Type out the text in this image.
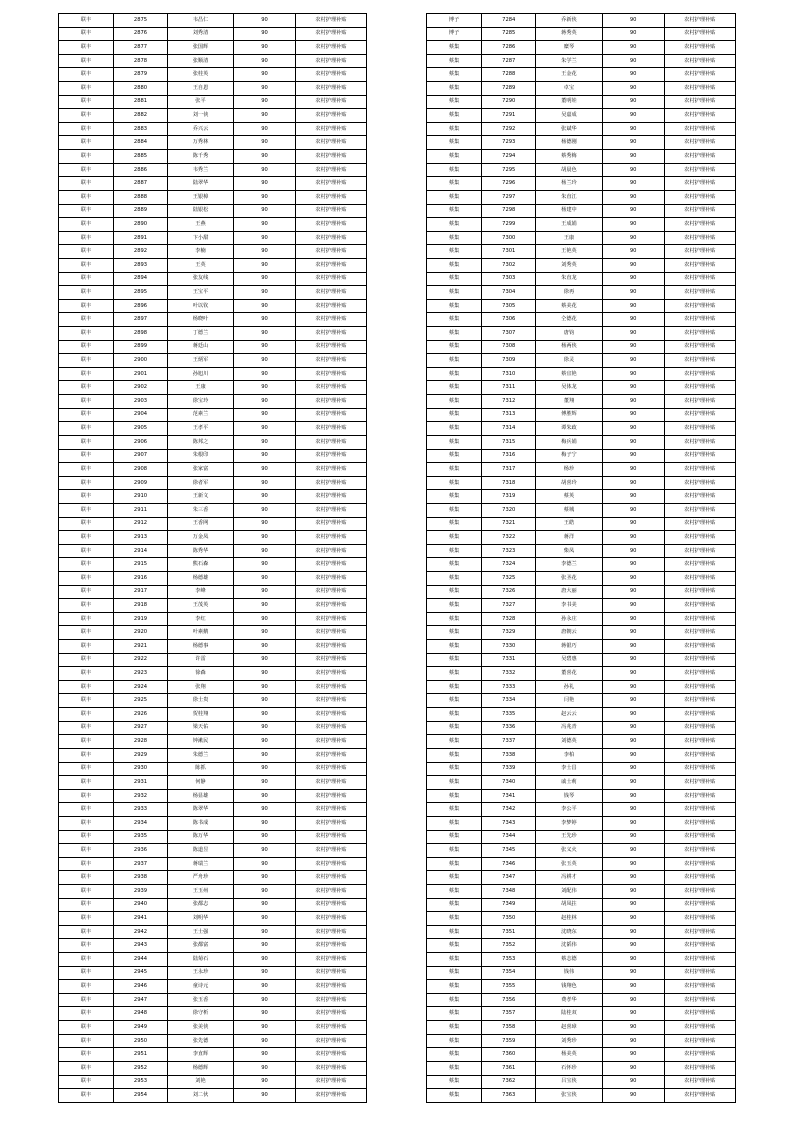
联丰	2875	韦昌仁	90	农村护理补贴
联丰	2876	刘秀清	90	农村护理补贴
联丰	2877	张国辉	90	农村护理补贴
联丰	2878	张顺清	90	农村护理补贴
联丰	2879	张桂英	90	农村护理补贴
联丰	2880	王自恩	90	农村护理补贴
联丰	2881	张平	90	农村护理补贴
联丰	2882	刘一侠	90	农村护理补贴
联丰	2883	乔兴云	90	农村护理补贴
联丰	2884	万秀林	90	农村护理补贴
联丰	2885	陈千秀	90	农村护理补贴
联丰	2886	韦秀兰	90	农村护理补贴
联丰	2887	陆翠华	90	农村护理补贴
联丰	2888	王银樟	90	农村护理补贴
联丰	2889	陆银松	90	农村护理补贴
联丰	2890	王燕	90	农村护理补贴
联丰	2891	卞小甜	90	农村护理补贴
联丰	2892	李楠	90	农村护理补贴
联丰	2893	王英	90	农村护理补贴
联丰	2894	张友线	90	农村护理补贴
联丰	2895	王宝平	90	农村护理补贴
联丰	2896	叶以钦	90	农村护理补贴
联丰	2897	杨晓叶	90	农村护理补贴
联丰	2898	丁德兰	90	农村护理补贴
联丰	2899	蒋廷山	90	农村护理补贴
联丰	2900	王炳军	90	农村护理补贴
联丰	2901	孙旭川	90	农村护理补贴
联丰	2902	王康	90	农村护理补贴
联丰	2903	徐宝玲	90	农村护理补贴
联丰	2904	范素兰	90	农村护理补贴
联丰	2905	王孝平	90	农村护理补贴
联丰	2906	陈邦之	90	农村护理补贴
联丰	2907	朱根印	90	农村护理补贴
联丰	2908	张家富	90	农村护理补贴
联丰	2909	徐者军	90	农村护理补贴
联丰	2910	王新文	90	农村护理补贴
联丰	2911	朱三香	90	农村护理补贴
联丰	2912	王香网	90	农村护理补贴
联丰	2913	万金凤	90	农村护理补贴
联丰	2914	陈秀华	90	农村护理补贴
联丰	2915	熊石森	90	农村护理补贴
联丰	2916	杨德雄	90	农村护理补贴
联丰	2917	李峰	90	农村护理补贴
联丰	2918	王茂英	90	农村护理补贴
联丰	2919	李红	90	农村护理补贴
联丰	2920	叶素鹅	90	农村护理补贴
联丰	2921	杨德事	90	农村护理补贴
联丰	2922	许雷	90	农村护理补贴
联丰	2923	徐森	90	农村护理补贴
联丰	2924	张翔	90	农村护理补贴
联丰	2925	徐士贵	90	农村护理补贴
联丰	2926	贺桂翔	90	农村护理补贴
联丰	2927	梁天佑	90	农村护理补贴
联丰	2928	钟漱民	90	农村护理补贴
联丰	2929	朱德兰	90	农村护理补贴
联丰	2930	陈抓	90	农村护理补贴
联丰	2931	何静	90	农村护理补贴
联丰	2932	杨显雄	90	农村护理补贴
联丰	2933	陈翠华	90	农村护理补贴
联丰	2934	陈书成	90	农村护理补贴
联丰	2935	陈万华	90	农村护理补贴
联丰	2936	陈道昱	90	农村护理补贴
联丰	2937	蒋瑞兰	90	农村护理补贴
联丰	2938	严舟珍	90	农村护理补贴
联丰	2939	王玉州	90	农村护理补贴
联丰	2940	张都志	90	农村护理补贴
联丰	2941	刘明华	90	农村护理补贴
联丰	2942	王士强	90	农村护理补贴
联丰	2943	张都富	90	农村护理补贴
联丰	2944	陆菊石	90	农村护理补贴
联丰	2945	王永珍	90	农村护理补贴
联丰	2946	童诗元	90	农村护理补贴
联丰	2947	张玉香	90	农村护理补贴
联丰	2948	徐守析	90	农村护理补贴
联丰	2949	张美侠	90	农村护理补贴
联丰	2950	张先德	90	农村护理补贴
联丰	2951	李直辉	90	农村护理补贴
联丰	2952	杨德辉	90	农村护理补贴
联丰	2953	刘艳	90	农村护理补贴
联丰	2954	刘二伙	90	农村护理补贴
博子	7284	乔新侠	90	农村护理补贴
博子	7285	蒋秀英	90	农村护理补贴
蔡集	7286	糜琴	90	农村护理补贴
蔡集	7287	朱学兰	90	农村护理补贴
蔡集	7288	王金花	90	农村护理补贴
蔡集	7289	卓宝	90	农村护理补贴
蔡集	7290	董明娃	90	农村护理补贴
蔡集	7291	吴嘉成	90	农村护理补贴
蔡集	7292	张斌华	90	农村护理补贴
蔡集	7293	杨德刚	90	农村护理补贴
蔡集	7294	蔡秀梅	90	农村护理补贴
蔡集	7295	胡晨色	90	农村护理补贴
蔡集	7296	杨兰玲	90	农村护理补贴
蔡集	7297	朱直江	90	农村护理补贴
蔡集	7298	杨建中	90	农村护理补贴
蔡集	7299	王成娟	90	农村护理补贴
蔡集	7300	王康	90	农村护理补贴
蔡集	7301	王艳英	90	农村护理补贴
蔡集	7302	刘秀英	90	农村护理补贴
蔡集	7303	朱直龙	90	农村护理补贴
蔡集	7304	徐再	90	农村护理补贴
蔡集	7305	蔡美花	90	农村护理补贴
蔡集	7306	仝德花	90	农村护理补贴
蔡集	7307	唐钧	90	农村护理补贴
蔡集	7308	杨两侠	90	农村护理补贴
蔡集	7309	徐灵	90	农村护理补贴
蔡集	7310	蔡宜艳	90	农村护理补贴
蔡集	7311	吴体龙	90	农村护理补贴
蔡集	7312	董翔	90	农村护理补贴
蔡集	7313	傅胜辉	90	农村护理补贴
蔡集	7314	谭朱政	90	农村护理补贴
蔡集	7315	梅兵娟	90	农村护理补贴
蔡集	7316	梅子宁	90	农村护理补贴
蔡集	7317	杨珍	90	农村护理补贴
蔡集	7318	胡喜玲	90	农村护理补贴
蔡集	7319	蔡英	90	农村护理补贴
蔡集	7320	蔡城	90	农村护理补贴
蔡集	7321	王皓	90	农村护理补贴
蔡集	7322	蒋洋	90	农村护理补贴
蔡集	7323	柴凤	90	农村护理补贴
蔡集	7324	李德兰	90	农村护理补贴
蔡集	7325	张圣花	90	农村护理补贴
蔡集	7326	唐大丽	90	农村护理补贴
蔡集	7327	李书美	90	农村护理补贴
蔡集	7328	孙永庄	90	农村护理补贴
蔡集	7329	唐朝云	90	农村护理补贴
蔡集	7330	蒋银巧	90	农村护理补贴
蔡集	7331	吴碧惠	90	农村护理补贴
蔡集	7332	董喜花	90	农村护理补贴
蔡集	7333	孙礼	90	农村护理补贴
蔡集	7334	闫艳	90	农村护理补贴
蔡集	7335	赵云云	90	农村护理补贴
蔡集	7336	冯兆青	90	农村护理补贴
蔡集	7337	刘德英	90	农村护理补贴
蔡集	7338	李柏	90	农村护理补贴
蔡集	7339	李士昌	90	农村护理补贴
蔡集	7340	戚士莉	90	农村护理补贴
蔡集	7341	钱琴	90	农村护理补贴
蔡集	7342	李公平	90	农村护理补贴
蔡集	7343	李梦婷	90	农村护理补贴
蔡集	7344	王先珍	90	农村护理补贴
蔡集	7345	张义火	90	农村护理补贴
蔡集	7346	张玉英	90	农村护理补贴
蔡集	7347	冯耕才	90	农村护理补贴
蔡集	7348	刘配伟	90	农村护理补贴
蔡集	7349	胡凤拄	90	农村护理补贴
蔡集	7350	赵桂林	90	农村护理补贴
蔡集	7351	沈晓东	90	农村护理补贴
蔡集	7352	沈韬伟	90	农村护理补贴
蔡集	7353	蔡志德	90	农村护理补贴
蔡集	7354	钱伟	90	农村护理补贴
蔡集	7355	钱翔色	90	农村护理补贴
蔡集	7356	费孝华	90	农村护理补贴
蔡集	7357	陆桂双	90	农村护理补贴
蔡集	7358	赵喜璋	90	农村护理补贴
蔡集	7359	刘秀珍	90	农村护理补贴
蔡集	7360	杨美英	90	农村护理补贴
蔡集	7361	石怀珍	90	农村护理补贴
蔡集	7362	吕宝侠	90	农村护理补贴
蔡集	7363	张宝侠	90	农村护理补贴
